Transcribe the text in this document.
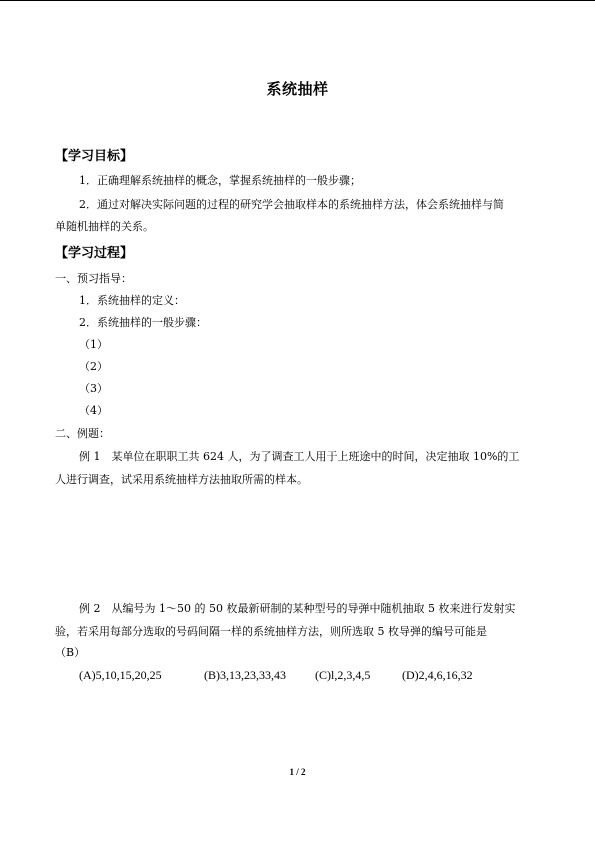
系统抽样
【学习目标】
1．正确理解系统抽样的概念，掌握系统抽样的一般步骤；
2．通过对解决实际问题的过程的研究学会抽取样本的系统抽样方法，体会系统抽样与简
单随机抽样的关系。
【学习过程】
一、预习指导：
1．系统抽样的定义：
2．系统抽样的一般步骤：
（1）
（2）
（3）
（4）
二、例题：
例 1　某单位在职职工共 624 人，为了调查工人用于上班途中的时间，决定抽取 10%的工
人进行调查，试采用系统抽样方法抽取所需的样本。
例 2　从编号为 1～50 的 50 枚最新研制的某种型号的导弹中随机抽取 5 枚来进行发射实
验，若采用每部分选取的号码间隔一样的系统抽样方法，则所选取 5 枚导弹的编号可能是
（B）
(A)5,10,15,20,25	(B)3,13,23,33,43 (C)l,2,3,4,5	(D)2,4,6,16,32
1 / 2
